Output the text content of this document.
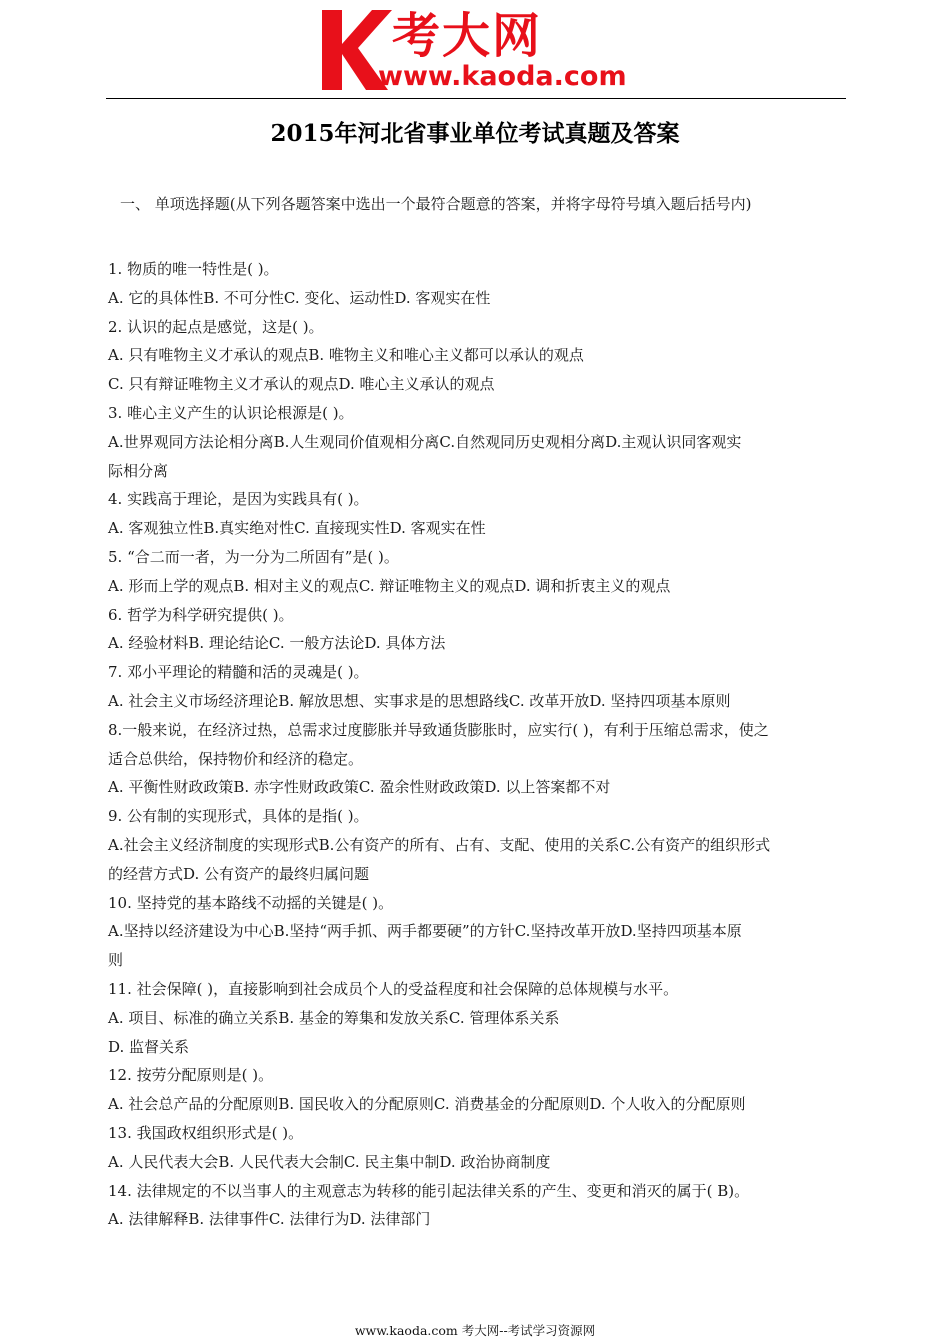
考大网
www.kaoda.com
2015年河北省事业单位考试真题及答案
一、 单项选择题(从下列各题答案中选出一个最符合题意的答案，并将字母符号填入题后括号内)
1. 物质的唯一特性是( )。
A. 它的具体性B. 不可分性C. 变化、运动性D. 客观实在性
2. 认识的起点是感觉，这是( )。
A. 只有唯物主义才承认的观点B. 唯物主义和唯心主义都可以承认的观点
C. 只有辩证唯物主义才承认的观点D. 唯心主义承认的观点
3. 唯心主义产生的认识论根源是( )。
A.世界观同方法论相分离B.人生观同价值观相分离C.自然观同历史观相分离D.主观认识同客观实
际相分离
4. 实践高于理论，是因为实践具有( )。
A. 客观独立性B.真实绝对性C. 直接现实性D. 客观实在性
5. “合二而一者，为一分为二所固有”是( )。
A. 形而上学的观点B. 相对主义的观点C. 辩证唯物主义的观点D. 调和折衷主义的观点
6. 哲学为科学研究提供( )。
A. 经验材料B. 理论结论C. 一般方法论D. 具体方法
7. 邓小平理论的精髓和活的灵魂是( )。
A. 社会主义市场经济理论B. 解放思想、实事求是的思想路线C. 改革开放D. 坚持四项基本原则
8.一般来说，在经济过热，总需求过度膨胀并导致通货膨胀时，应实行( )，有利于压缩总需求，使之
适合总供给，保持物价和经济的稳定。
A. 平衡性财政政策B. 赤字性财政政策C. 盈余性财政政策D. 以上答案都不对
9. 公有制的实现形式，具体的是指( )。
A.社会主义经济制度的实现形式B.公有资产的所有、占有、支配、使用的关系C.公有资产的组织形式
的经营方式D. 公有资产的最终归属问题
10. 坚持党的基本路线不动摇的关键是( )。
A.坚持以经济建设为中心B.坚持“两手抓、两手都要硬”的方针C.坚持改革开放D.坚持四项基本原
则
11. 社会保障( )，直接影响到社会成员个人的受益程度和社会保障的总体规模与水平。
A. 项目、标准的确立关系B. 基金的筹集和发放关系C. 管理体系关系
D. 监督关系
12. 按劳分配原则是( )。
A. 社会总产品的分配原则B. 国民收入的分配原则C. 消费基金的分配原则D. 个人收入的分配原则
13. 我国政权组织形式是( )。
A. 人民代表大会B. 人民代表大会制C. 民主集中制D. 政治协商制度
14. 法律规定的不以当事人的主观意志为转移的能引起法律关系的产生、变更和消灭的属于( B)。
A. 法律解释B. 法律事件C. 法律行为D. 法律部门
www.kaoda.com 考大网--考试学习资源网
